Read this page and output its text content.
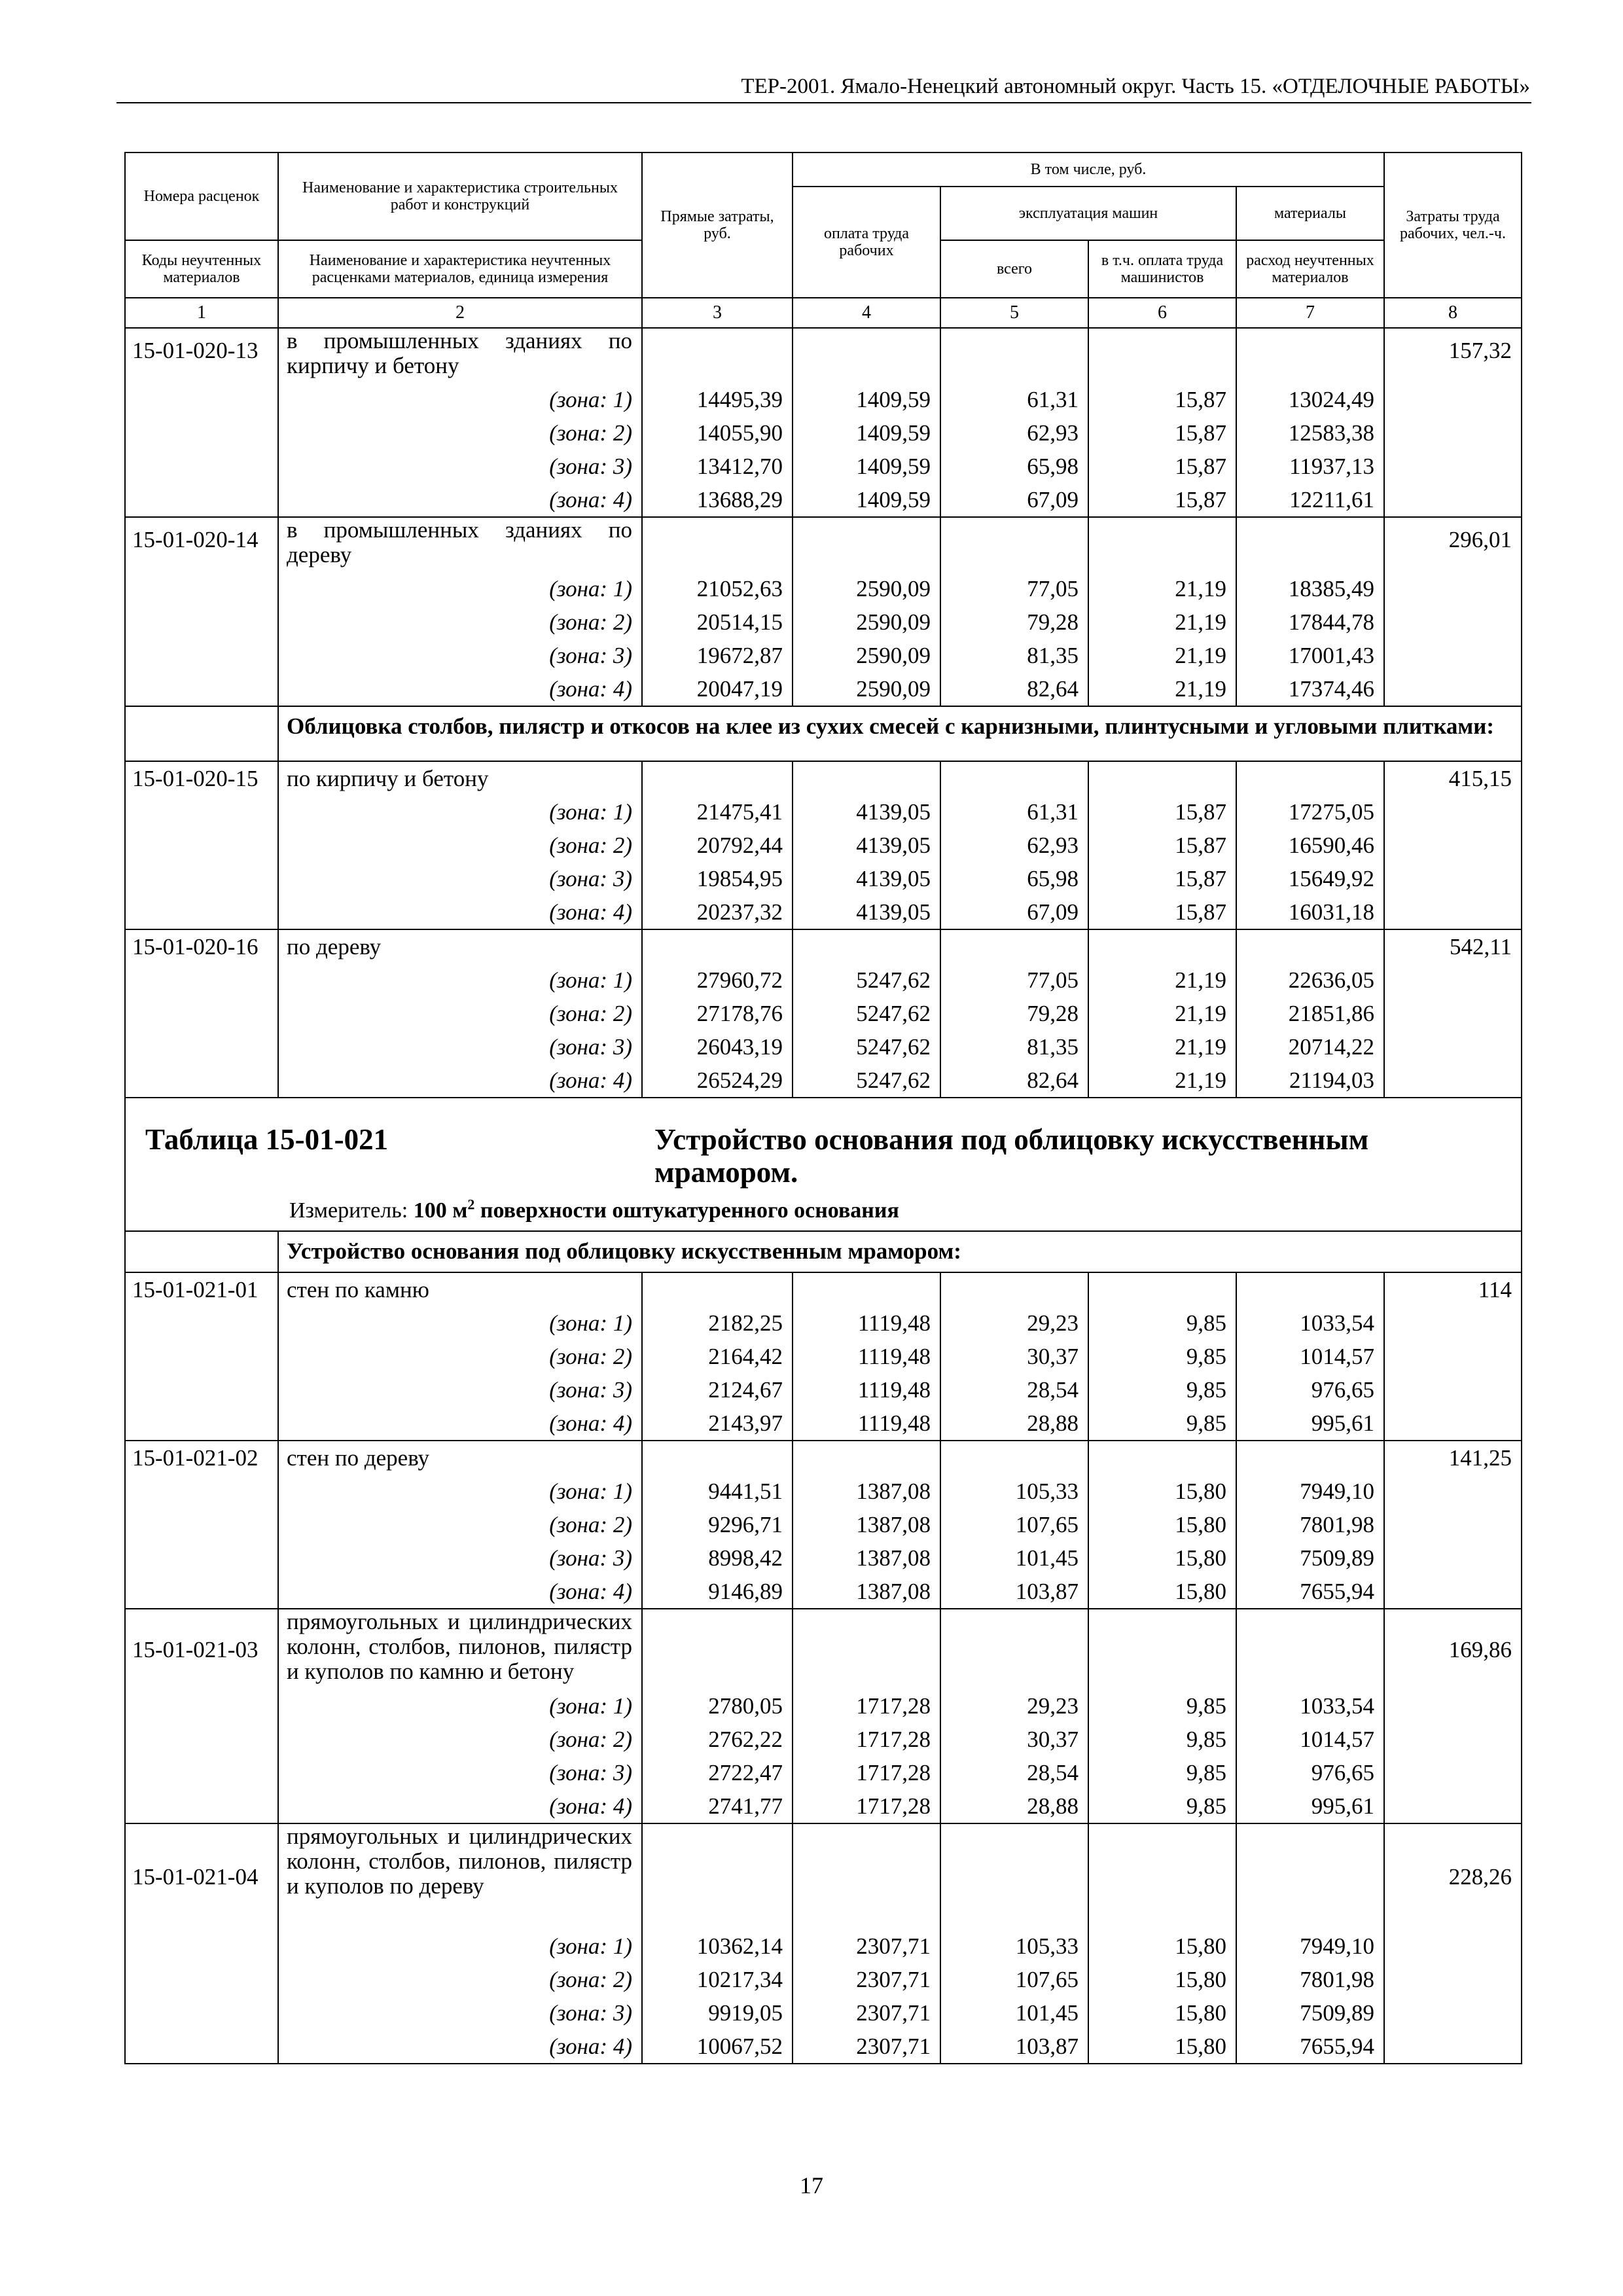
ТЕР-2001. Ямало-Ненецкий автономный округ. Часть 15. «ОТДЕЛОЧНЫЕ РАБОТЫ»
Номера расценок	Наименование и характеристика строительных работ и конструкций	Прямые затраты, руб.	В том числе, руб.				Затраты труда рабочих, чел.-ч.
			оплата труда рабочих	эксплуатация машин		материалы	
Коды неучтенных материалов	Наименование и характеристика неучтенных расценками материалов, единица измерения			всего	в т.ч. оплата труда машинистов	расход неучтенных материалов	
1	2	3	4	5	6	7	8
15-01-020-13	в промышленных зданиях по кирпичу и бетону						157,32
	(зона: 1)	14495,39	1409,59	61,31	15,87	13024,49	
	(зона: 2)	14055,90	1409,59	62,93	15,87	12583,38	
	(зона: 3)	13412,70	1409,59	65,98	15,87	11937,13	
	(зона: 4)	13688,29	1409,59	67,09	15,87	12211,61	
15-01-020-14	в промышленных зданиях по дереву						296,01
	(зона: 1)	21052,63	2590,09	77,05	21,19	18385,49	
	(зона: 2)	20514,15	2590,09	79,28	21,19	17844,78	
	(зона: 3)	19672,87	2590,09	81,35	21,19	17001,43	
	(зона: 4)	20047,19	2590,09	82,64	21,19	17374,46	
	Облицовка столбов, пилястр и откосов на клее из сухих смесей с карнизными, плинтусными и угловыми плитками:						
15-01-020-15	по кирпичу и бетону						415,15
	(зона: 1)	21475,41	4139,05	61,31	15,87	17275,05	
	(зона: 2)	20792,44	4139,05	62,93	15,87	16590,46	
	(зона: 3)	19854,95	4139,05	65,98	15,87	15649,92	
	(зона: 4)	20237,32	4139,05	67,09	15,87	16031,18	
15-01-020-16	по дереву						542,11
	(зона: 1)	27960,72	5247,62	77,05	21,19	22636,05	
	(зона: 2)	27178,76	5247,62	79,28	21,19	21851,86	
	(зона: 3)	26043,19	5247,62	81,35	21,19	20714,22	
	(зона: 4)	26524,29	5247,62	82,64	21,19	21194,03	

Таблица 15-01-021 Устройство основания под облицовку искусственным мрамором.
Измеритель: 100 $м^2$ поверхности оштукатуренного основания							

	Устройство основания под облицовку искусственным мрамором:						
15-01-021-01	стен по камню						114
	(зона: 1)	2182,25	1119,48	29,23	9,85	1033,54	
	(зона: 2)	2164,42	1119,48	30,37	9,85	1014,57	
	(зона: 3)	2124,67	1119,48	28,54	9,85	976,65	
	(зона: 4)	2143,97	1119,48	28,88	9,85	995,61	
15-01-021-02	стен по дереву						141,25
	(зона: 1)	9441,51	1387,08	105,33	15,80	7949,10	
	(зона: 2)	9296,71	1387,08	107,65	15,80	7801,98	
	(зона: 3)	8998,42	1387,08	101,45	15,80	7509,89	
	(зона: 4)	9146,89	1387,08	103,87	15,80	7655,94	
15-01-021-03	прямоугольных и цилиндрических колонн, столбов, пилонов, пилястр и куполов по камню и бетону						169,86
	(зона: 1)	2780,05	1717,28	29,23	9,85	1033,54	
	(зона: 2)	2762,22	1717,28	30,37	9,85	1014,57	
	(зона: 3)	2722,47	1717,28	28,54	9,85	976,65	
	(зона: 4)	2741,77	1717,28	28,88	9,85	995,61	
15-01-021-04	прямоугольных и цилиндрических колонн, столбов, пилонов, пилястр и куполов по дереву						228,26
	(зона: 1)	10362,14	2307,71	105,33	15,80	7949,10	
	(зона: 2)	10217,34	2307,71	107,65	15,80	7801,98	
	(зона: 3)	9919,05	2307,71	101,45	15,80	7509,89	
	(зона: 4)	10067,52	2307,71	103,87	15,80	7655,94	
17
